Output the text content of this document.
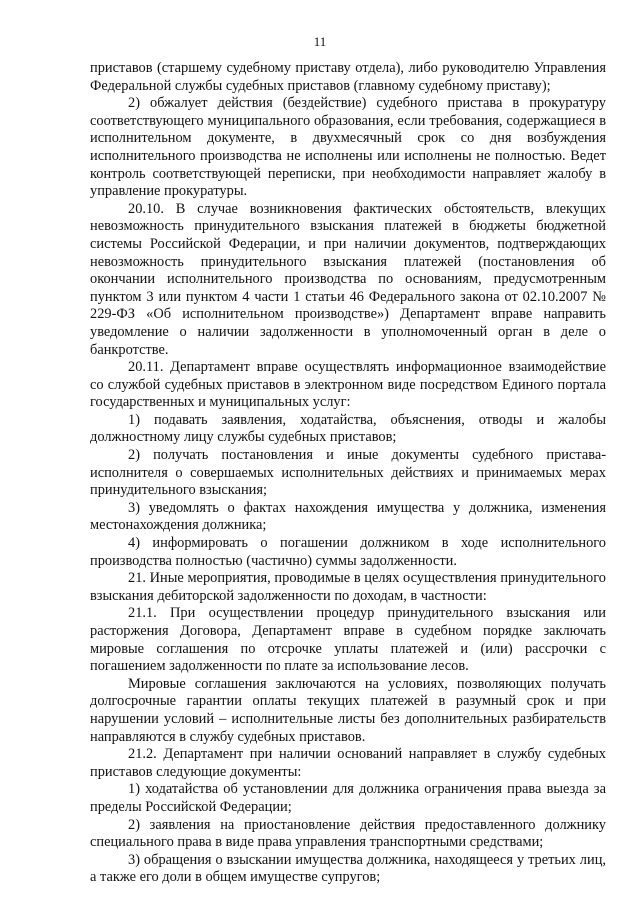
11

приставов (старшему судебному приставу отдела), либо руководителю Управления Федеральной службы судебных приставов (главному судебному приставу);

2) обжалует действия (бездействие) судебного пристава в прокуратуру соответствующего муниципального образования, если требования, содержащиеся в исполнительном документе, в двухмесячный срок со дня возбуждения исполнительного производства не исполнены или исполнены не полностью. Ведет контроль соответствующей переписки, при необходимости направляет жалобу в управление прокуратуры.

20.10. В случае возникновения фактических обстоятельств, влекущих невозможность принудительного взыскания платежей в бюджеты бюджетной системы Российской Федерации, и при наличии документов, подтверждающих невозможность принудительного взыскания платежей (постановления об окончании исполнительного производства по основаниям, предусмотренным пунктом 3 или пунктом 4 части 1 статьи 46 Федерального закона от 02.10.2007 № 229-ФЗ «Об исполнительном производстве») Департамент вправе направить уведомление о наличии задолженности в уполномоченный орган в деле о банкротстве.

20.11. Департамент вправе осуществлять информационное взаимодействие со службой судебных приставов в электронном виде посредством Единого портала государственных и муниципальных услуг:

1) подавать заявления, ходатайства, объяснения, отводы и жалобы должностному лицу службы судебных приставов;

2) получать постановления и иные документы судебного пристава-исполнителя о совершаемых исполнительных действиях и принимаемых мерах принудительного взыскания;

3) уведомлять о фактах нахождения имущества у должника, изменения местонахождения должника;

4) информировать о погашении должником в ходе исполнительного производства полностью (частично) суммы задолженности.

21. Иные мероприятия, проводимые в целях осуществления принудительного взыскания дебиторской задолженности по доходам, в частности:

21.1. При осуществлении процедур принудительного взыскания или расторжения Договора, Департамент вправе в судебном порядке заключать мировые соглашения по отсрочке уплаты платежей и (или) рассрочки с погашением задолженности по плате за использование лесов.

Мировые соглашения заключаются на условиях, позволяющих получать долгосрочные гарантии оплаты текущих платежей в разумный срок и при нарушении условий – исполнительные листы без дополнительных разбирательств направляются в службу судебных приставов.

21.2. Департамент при наличии оснований направляет в службу судебных приставов следующие документы:

1) ходатайства об установлении для должника ограничения права выезда за пределы Российской Федерации;

2) заявления на приостановление действия предоставленного должнику специального права в виде права управления транспортными средствами;

3) обращения о взыскании имущества должника, находящееся у третьих лиц, а также его доли в общем имуществе супругов;
